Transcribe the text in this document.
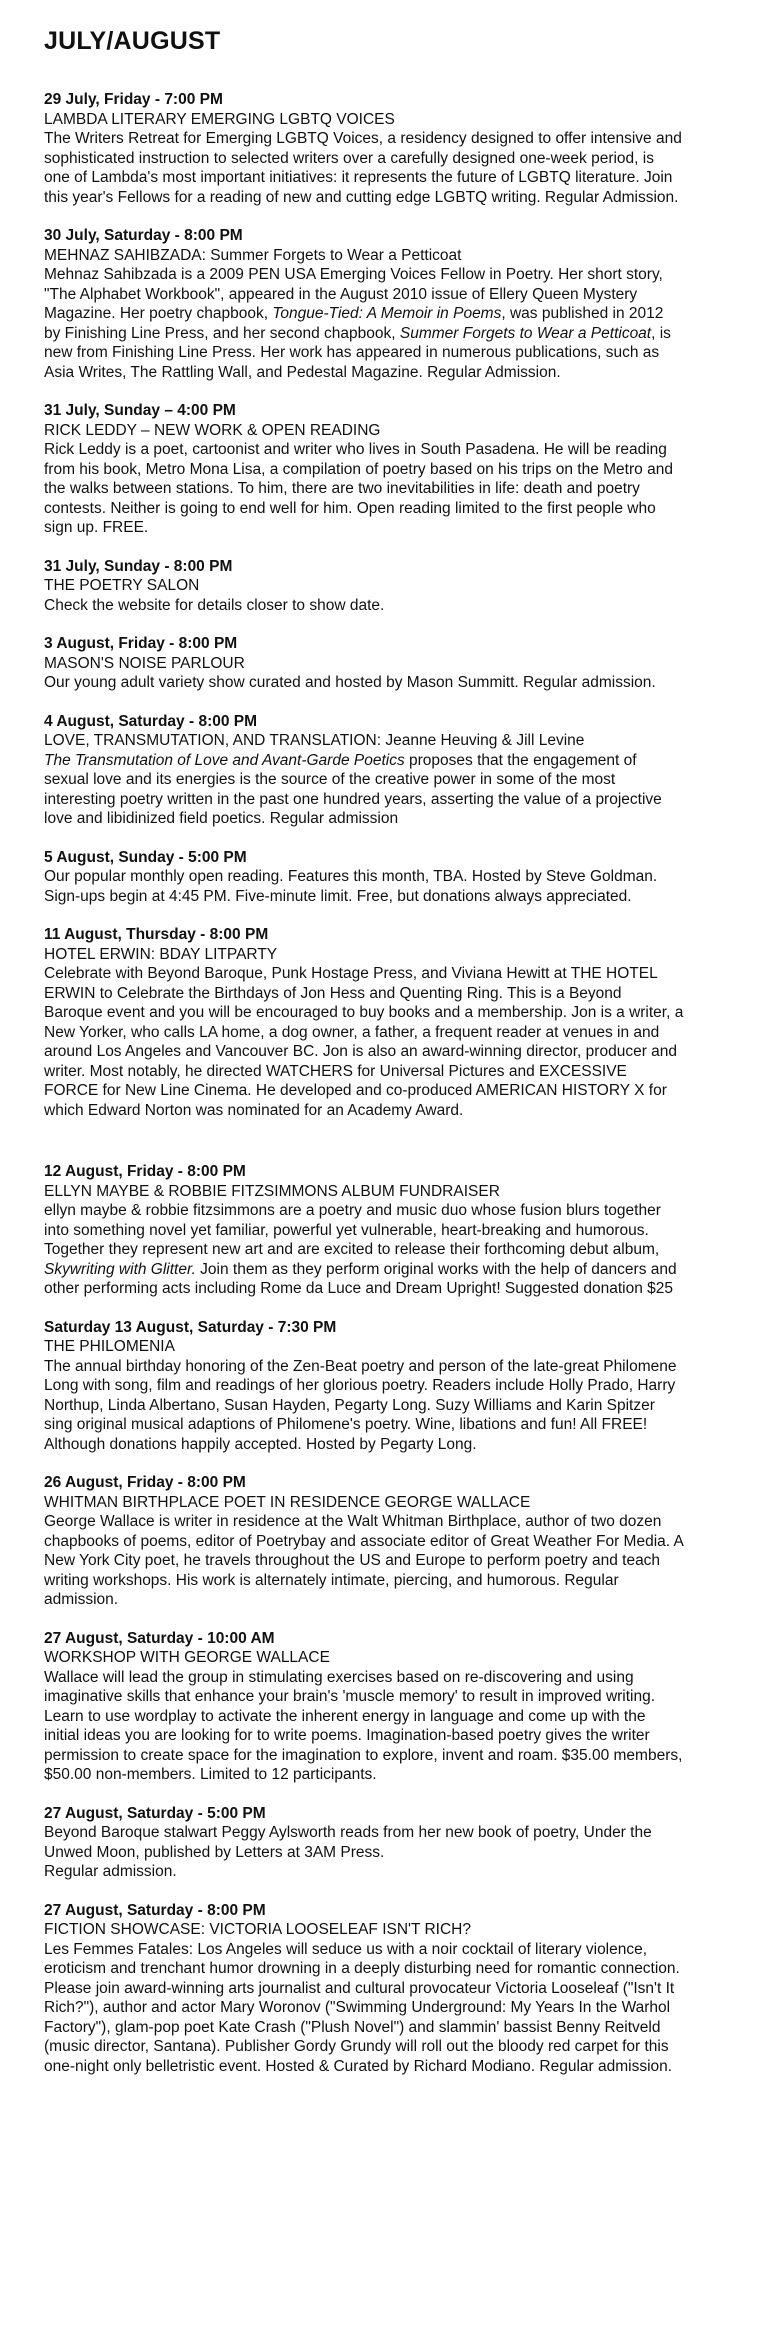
JULY/AUGUST
29 July, Friday - 7:00 PM
LAMBDA LITERARY EMERGING LGBTQ VOICES
The Writers Retreat for Emerging LGBTQ Voices, a residency designed to offer intensive and sophisticated instruction to selected writers over a carefully designed one-week period, is one of Lambda's most important initiatives: it represents the future of LGBTQ literature. Join this year's Fellows for a reading of new and cutting edge LGBTQ writing. Regular Admission.
30 July, Saturday - 8:00 PM
MEHNAZ SAHIBZADA: Summer Forgets to Wear a Petticoat
Mehnaz Sahibzada is a 2009 PEN USA Emerging Voices Fellow in Poetry. Her short story, "The Alphabet Workbook", appeared in the August 2010 issue of Ellery Queen Mystery Magazine. Her poetry chapbook, Tongue-Tied: A Memoir in Poems, was published in 2012 by Finishing Line Press, and her second chapbook, Summer Forgets to Wear a Petticoat, is new from Finishing Line Press. Her work has appeared in numerous publications, such as Asia Writes, The Rattling Wall, and Pedestal Magazine. Regular Admission.
31 July, Sunday – 4:00 PM
RICK LEDDY – NEW WORK & OPEN READING
Rick Leddy is a poet, cartoonist and writer who lives in South Pasadena. He will be reading from his book, Metro Mona Lisa, a compilation of poetry based on his trips on the Metro and the walks between stations. To him, there are two inevitabilities in life: death and poetry contests. Neither is going to end well for him. Open reading limited to the first people who sign up. FREE.
31 July, Sunday - 8:00 PM
THE POETRY SALON
Check the website for details closer to show date.
3 August, Friday - 8:00 PM
MASON'S NOISE PARLOUR
Our young adult variety show curated and hosted by Mason Summitt. Regular admission.
4 August, Saturday - 8:00 PM
LOVE, TRANSMUTATION, AND TRANSLATION: Jeanne Heuving & Jill Levine
The Transmutation of Love and Avant-Garde Poetics proposes that the engagement of sexual love and its energies is the source of the creative power in some of the most interesting poetry written in the past one hundred years, asserting the value of a projective love and libidinized field poetics. Regular admission
5 August, Sunday - 5:00 PM
Our popular monthly open reading. Features this month, TBA. Hosted by Steve Goldman. Sign-ups begin at 4:45 PM. Five-minute limit. Free, but donations always appreciated.
11 August, Thursday - 8:00 PM
HOTEL ERWIN: BDAY LITPARTY
Celebrate with Beyond Baroque, Punk Hostage Press, and Viviana Hewitt at THE HOTEL ERWIN to Celebrate the Birthdays of Jon Hess and Quenting Ring. This is a Beyond Baroque event and you will be encouraged to buy books and a membership. Jon is a writer, a New Yorker, who calls LA home, a dog owner, a father, a frequent reader at venues in and around Los Angeles and Vancouver BC. Jon is also an award-winning director, producer and writer. Most notably, he directed WATCHERS for Universal Pictures and EXCESSIVE FORCE for New Line Cinema. He developed and co-produced AMERICAN HISTORY X for which Edward Norton was nominated for an Academy Award.
12 August, Friday - 8:00 PM
ELLYN MAYBE & ROBBIE FITZSIMMONS ALBUM FUNDRAISER
ellyn maybe & robbie fitzsimmons are a poetry and music duo whose fusion blurs together into something novel yet familiar, powerful yet vulnerable, heart-breaking and humorous. Together they represent new art and are excited to release their forthcoming debut album, Skywriting with Glitter. Join them as they perform original works with the help of dancers and other performing acts including Rome da Luce and Dream Upright! Suggested donation $25
Saturday 13 August, Saturday - 7:30 PM
THE PHILOMENIA
The annual birthday honoring of the Zen-Beat poetry and person of the late-great Philomene Long with song, film and readings of her glorious poetry. Readers include Holly Prado, Harry Northup, Linda Albertano, Susan Hayden, Pegarty Long. Suzy Williams and Karin Spitzer sing original musical adaptions of Philomene's poetry. Wine, libations and fun! All FREE! Although donations happily accepted. Hosted by Pegarty Long.
26 August, Friday - 8:00 PM
WHITMAN BIRTHPLACE POET IN RESIDENCE GEORGE WALLACE
George Wallace is writer in residence at the Walt Whitman Birthplace, author of two dozen chapbooks of poems, editor of Poetrybay and associate editor of Great Weather For Media. A New York City poet, he travels throughout the US and Europe to perform poetry and teach writing workshops. His work is alternately intimate, piercing, and humorous. Regular admission.
27 August, Saturday - 10:00 AM
WORKSHOP WITH GEORGE WALLACE
Wallace will lead the group in stimulating exercises based on re-discovering and using imaginative skills that enhance your brain's 'muscle memory' to result in improved writing. Learn to use wordplay to activate the inherent energy in language and come up with the initial ideas you are looking for to write poems. Imagination-based poetry gives the writer permission to create space for the imagination to explore, invent and roam. $35.00 members, $50.00 non-members. Limited to 12 participants.
27 August, Saturday - 5:00 PM
Beyond Baroque stalwart Peggy Aylsworth reads from her new book of poetry, Under the Unwed Moon, published by Letters at 3AM Press.
Regular admission.
27 August, Saturday - 8:00 PM
FICTION SHOWCASE: VICTORIA LOOSELEAF ISN'T RICH?
Les Femmes Fatales: Los Angeles will seduce us with a noir cocktail of literary violence, eroticism and trenchant humor drowning in a deeply disturbing need for romantic connection. Please join award-winning arts journalist and cultural provocateur Victoria Looseleaf ("Isn't It Rich?"), author and actor Mary Woronov ("Swimming Underground: My Years In the Warhol Factory"), glam-pop poet Kate Crash ("Plush Novel") and slammin' bassist Benny Reitveld (music director, Santana). Publisher Gordy Grundy will roll out the bloody red carpet for this one-night only belletristic event. Hosted & Curated by Richard Modiano. Regular admission.
